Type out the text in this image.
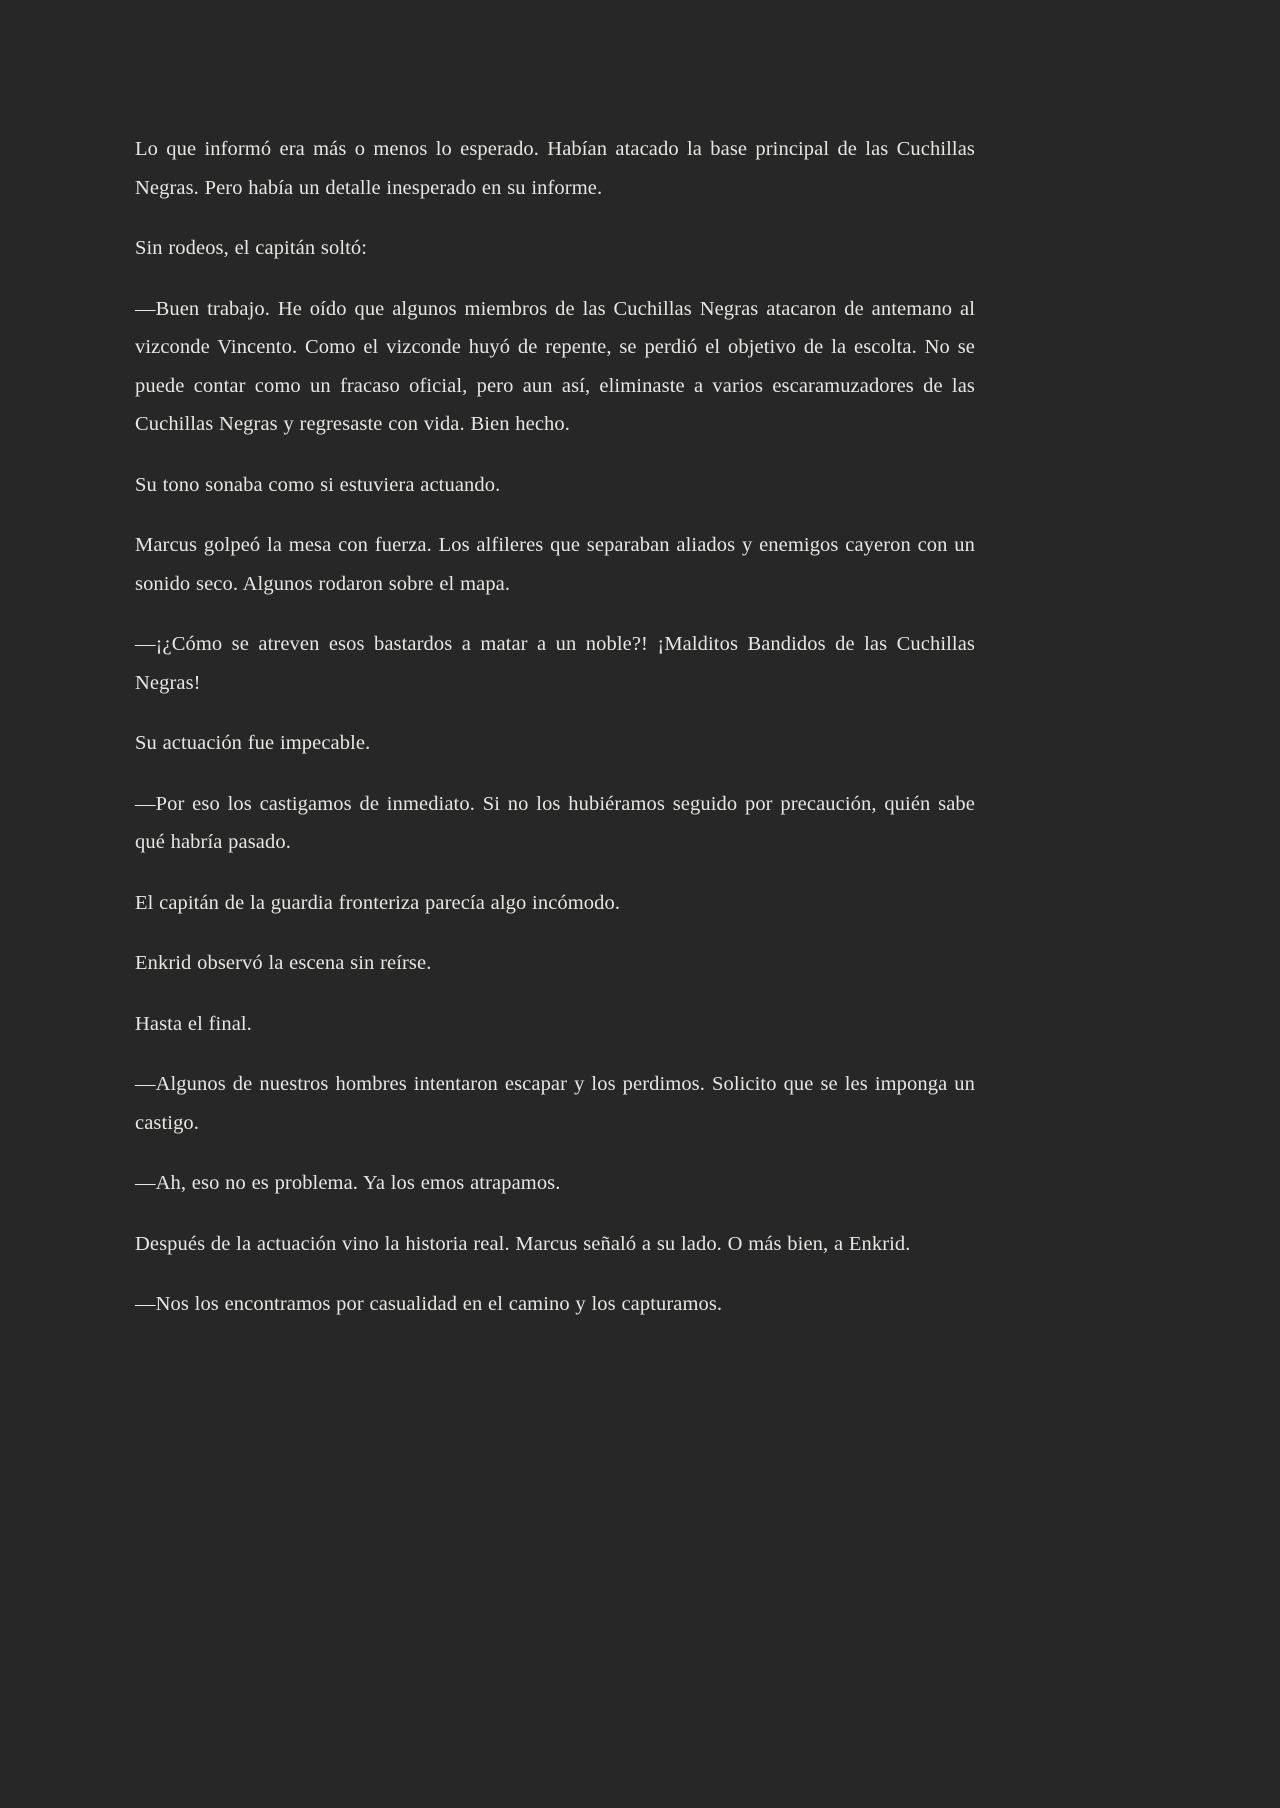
Lo que informó era más o menos lo esperado. Habían atacado la base principal de las Cuchillas Negras. Pero había un detalle inesperado en su informe.

Sin rodeos, el capitán soltó:

—Buen trabajo. He oído que algunos miembros de las Cuchillas Negras atacaron de antemano al vizconde Vincento. Como el vizconde huyó de repente, se perdió el objetivo de la escolta. No se puede contar como un fracaso oficial, pero aun así, eliminaste a varios escaramuzadores de las Cuchillas Negras y regresaste con vida. Bien hecho.

Su tono sonaba como si estuviera actuando.

Marcus golpeó la mesa con fuerza. Los alfileres que separaban aliados y enemigos cayeron con un sonido seco. Algunos rodaron sobre el mapa.

—¡¿Cómo se atreven esos bastardos a matar a un noble?! ¡Malditos Bandidos de las Cuchillas Negras!

Su actuación fue impecable.

—Por eso los castigamos de inmediato. Si no los hubiéramos seguido por precaución, quién sabe qué habría pasado.

El capitán de la guardia fronteriza parecía algo incómodo.

Enkrid observó la escena sin reírse.

Hasta el final.

—Algunos de nuestros hombres intentaron escapar y los perdimos. Solicito que se les imponga un castigo.

—Ah, eso no es problema. Ya los emos atrapamos.

Después de la actuación vino la historia real. Marcus señaló a su lado. O más bien, a Enkrid.

—Nos los encontramos por casualidad en el camino y los capturamos.
